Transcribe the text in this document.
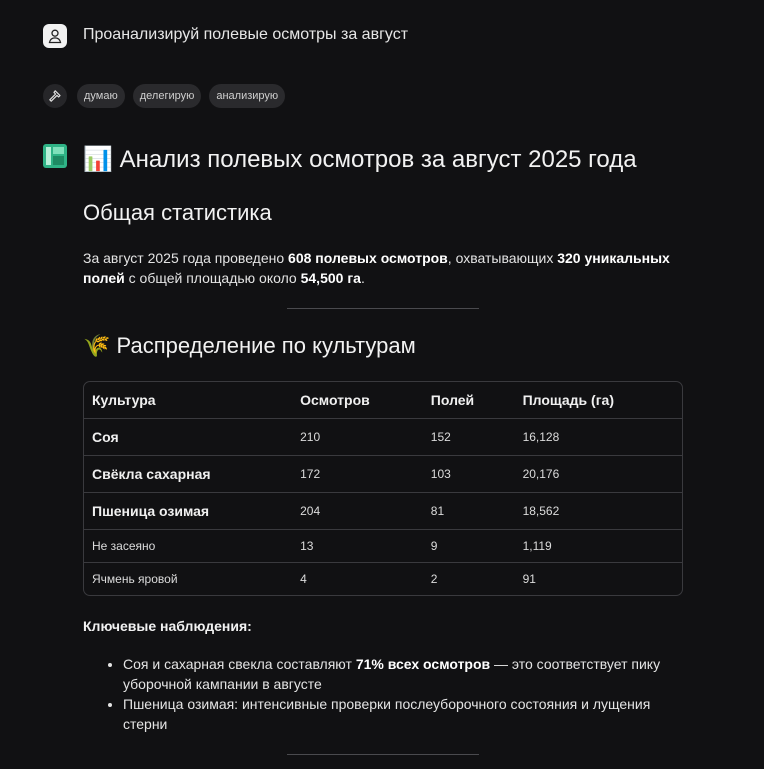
Проанализируй полевые осмотры за август
думаю	делегирую	анализирую
📊 Анализ полевых осмотров за август 2025 года
Общая статистика
За август 2025 года проведено 608 полевых осмотров, охватывающих 320 уникальных полей с общей площадью около 54,500 га.
🌾 Распределение по культурам
Культура	Осмотров	Полей	Площадь (га)
Соя	210	152	16,128
Свёкла сахарная	172	103	20,176
Пшеница озимая	204	81	18,562
Не засеяно	13	9	1,119
Ячмень яровой	4	2	91
Ключевые наблюдения:
• Соя и сахарная свекла составляют 71% всех осмотров — это соответствует пику уборочной кампании в августе
• Пшеница озимая: интенсивные проверки послеуборочного состояния и лущения стерни
